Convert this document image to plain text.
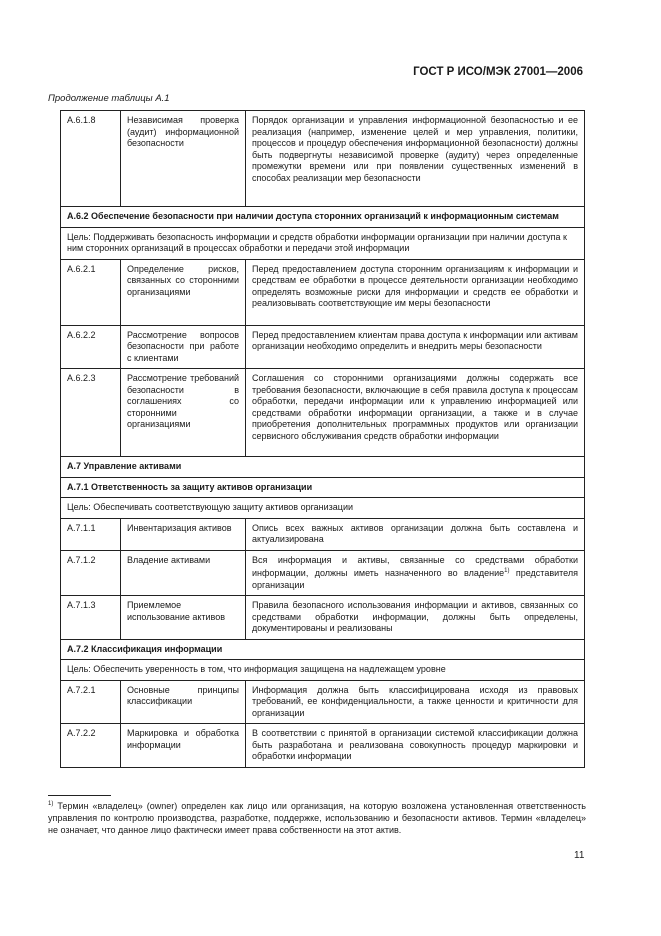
ГОСТ Р ИСО/МЭК 27001—2006
Продолжение таблицы А.1
А.6.1.8	Независимая проверка (аудит) информационной безопасности	Порядок организации и управления информационной безопасностью и ее реализация (например, изменение целей и мер управления, политики, процессов и процедур обеспечения информационной безопасности) должны быть подвергнуты независимой проверке (аудиту) через определенные промежутки времени или при появлении существенных изменений в способах реализации мер безопасности
А.6.2 Обеспечение безопасности при наличии доступа сторонних организаций к информационным системам		
Цель: Поддерживать безопасность информации и средств обработки информации организации при наличии доступа к ним сторонних организаций в процессах обработки и передачи этой информации		
А.6.2.1	Определение рисков, связанных со сторонними организациями	Перед предоставлением доступа сторонним организациям к информации и средствам ее обработки в процессе деятельности организации необходимо определять возможные риски для информации и средств ее обработки и реализовывать соответствующие им меры безопасности
А.6.2.2	Рассмотрение вопросов безопасности при работе с клиентами	Перед предоставлением клиентам права доступа к информации или активам организации необходимо определить и внедрить меры безопасности
А.6.2.3	Рассмотрение требований безопасности в соглашениях со сторонними организациями	Соглашения со сторонними организациями должны содержать все требования безопасности, включающие в себя правила доступа к процессам обработки, передачи информации или к управлению информацией или средствами обработки информации организации, а также и в случае приобретения дополнительных программных продуктов или организации сервисного обслуживания средств обработки информации
А.7 Управление активами		
А.7.1 Ответственность за защиту активов организации		
Цель: Обеспечивать соответствующую защиту активов организации		
А.7.1.1	Инвентаризация активов	Опись всех важных активов организации должна быть составлена и актуализирована
А.7.1.2	Владение активами	Вся информация и активы, связанные со средствами обработки информации, должны иметь назначенного во владение$^{1)}$ представителя организации
А.7.1.3	Приемлемое использование активов	Правила безопасного использования информации и активов, связанных со средствами обработки информации, должны быть определены, документированы и реализованы
А.7.2 Классификация информации		
Цель: Обеспечить уверенность в том, что информация защищена на надлежащем уровне		
А.7.2.1	Основные принципы классификации	Информация должна быть классифицирована исходя из правовых требований, ее конфиденциальности, а также ценности и критичности для организации
А.7.2.2	Маркировка и обработка информации	В соответствии с принятой в организации системой классификации должна быть разработана и реализована совокупность процедур маркировки и обработки информации
$^{1)}$ Термин «владелец» (owner) определен как лицо или организация, на которую возложена установленная ответственность управления по контролю производства, разработке, поддержке, использованию и безопасности активов. Термин «владелец» не означает, что данное лицо фактически имеет права собственности на этот актив.
11
